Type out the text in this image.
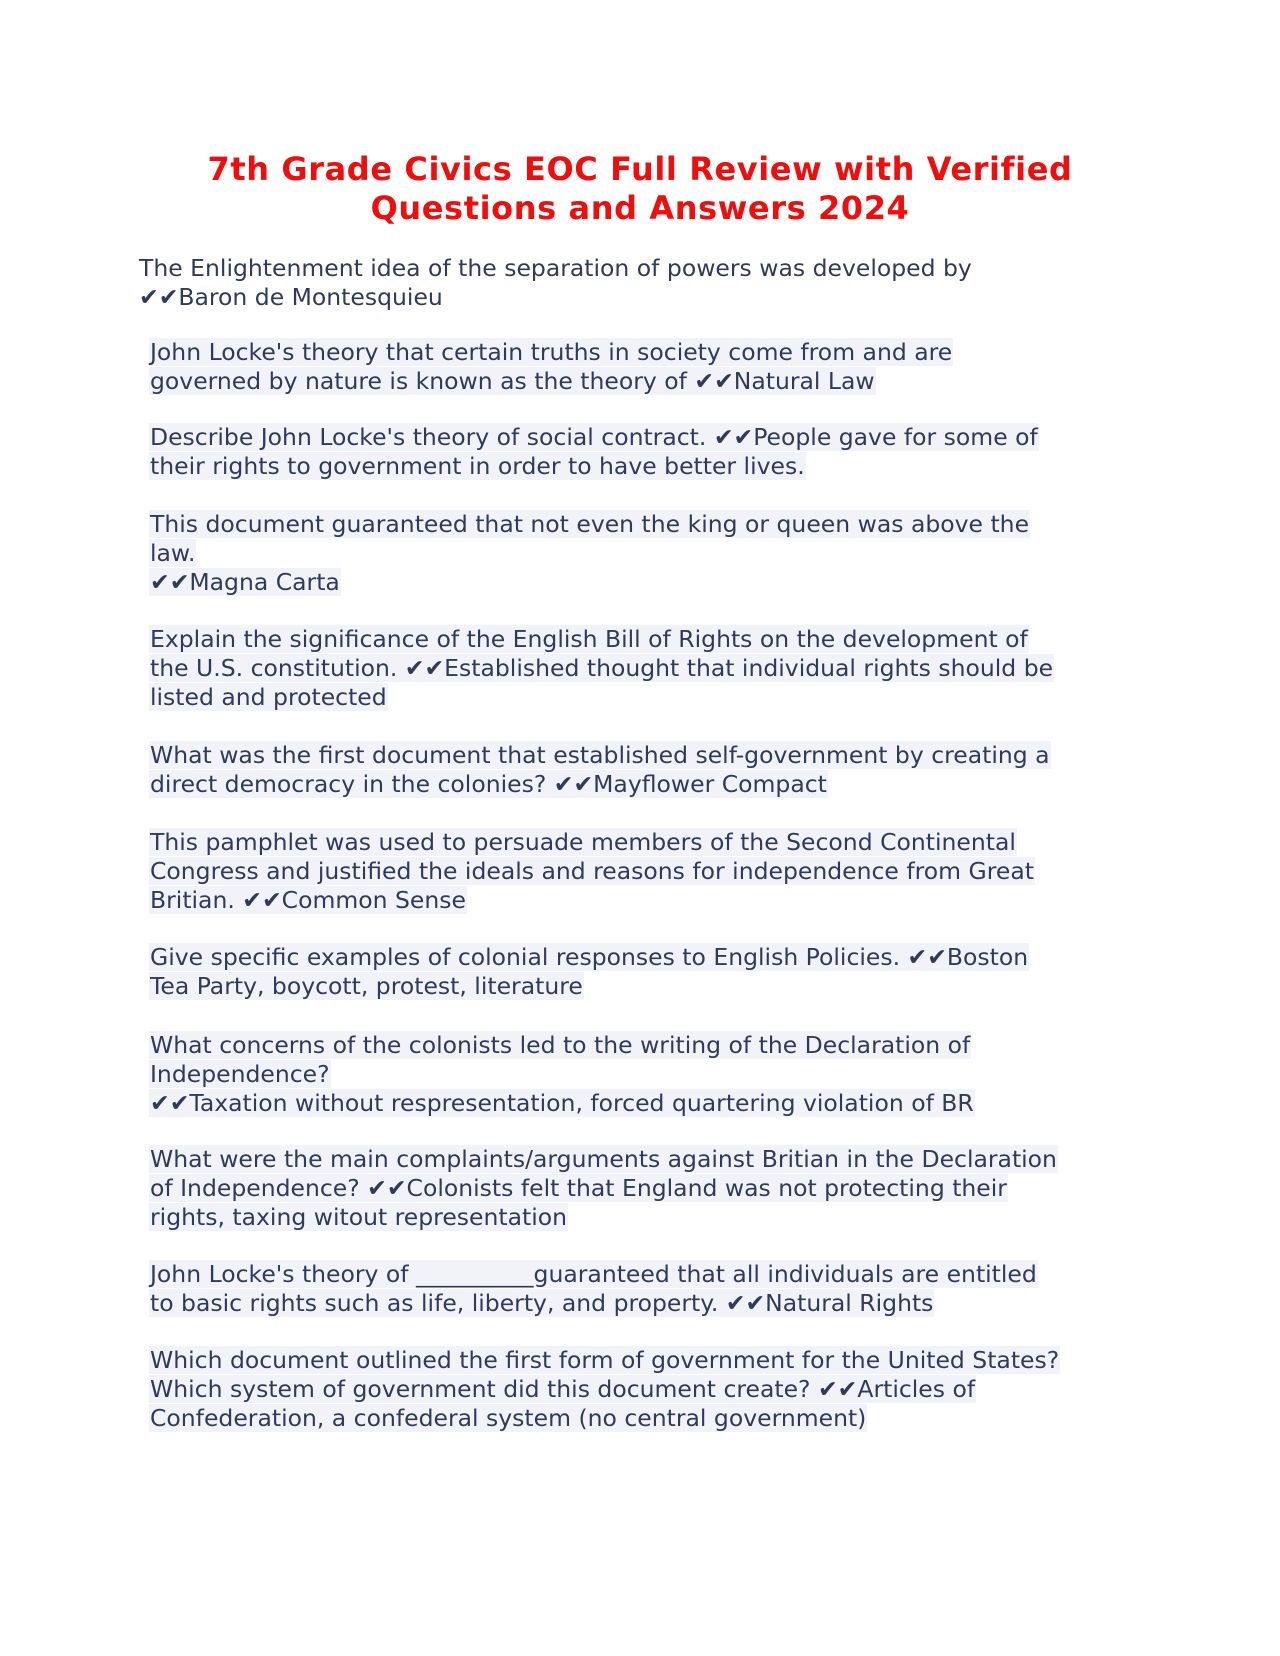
7th Grade Civics EOC Full Review with Verified
Questions and Answers 2024
The Enlightenment idea of the separation of powers was developed by
✔✔Baron de Montesquieu
John Locke's theory that certain truths in society come from and are
governed by nature is known as the theory of ✔✔Natural Law
Describe John Locke's theory of social contract. ✔✔People gave for some of
their rights to government in order to have better lives.
This document guaranteed that not even the king or queen was above the
law.
✔✔Magna Carta
Explain the significance of the English Bill of Rights on the development of
the U.S. constitution. ✔✔Established thought that individual rights should be
listed and protected
What was the first document that established self-government by creating a
direct democracy in the colonies? ✔✔Mayflower Compact
This pamphlet was used to persuade members of the Second Continental
Congress and justified the ideals and reasons for independence from Great
Britian. ✔✔Common Sense
Give specific examples of colonial responses to English Policies. ✔✔Boston
Tea Party, boycott, protest, literature
What concerns of the colonists led to the writing of the Declaration of
Independence?
✔✔Taxation without respresentation, forced quartering violation of BR
What were the main complaints/arguments against Britian in the Declaration
of Independence? ✔✔Colonists felt that England was not protecting their
rights, taxing witout representation
John Locke's theory of __________guaranteed that all individuals are entitled
to basic rights such as life, liberty, and property. ✔✔Natural Rights
Which document outlined the first form of government for the United States?
Which system of government did this document create? ✔✔Articles of
Confederation, a confederal system (no central government)
